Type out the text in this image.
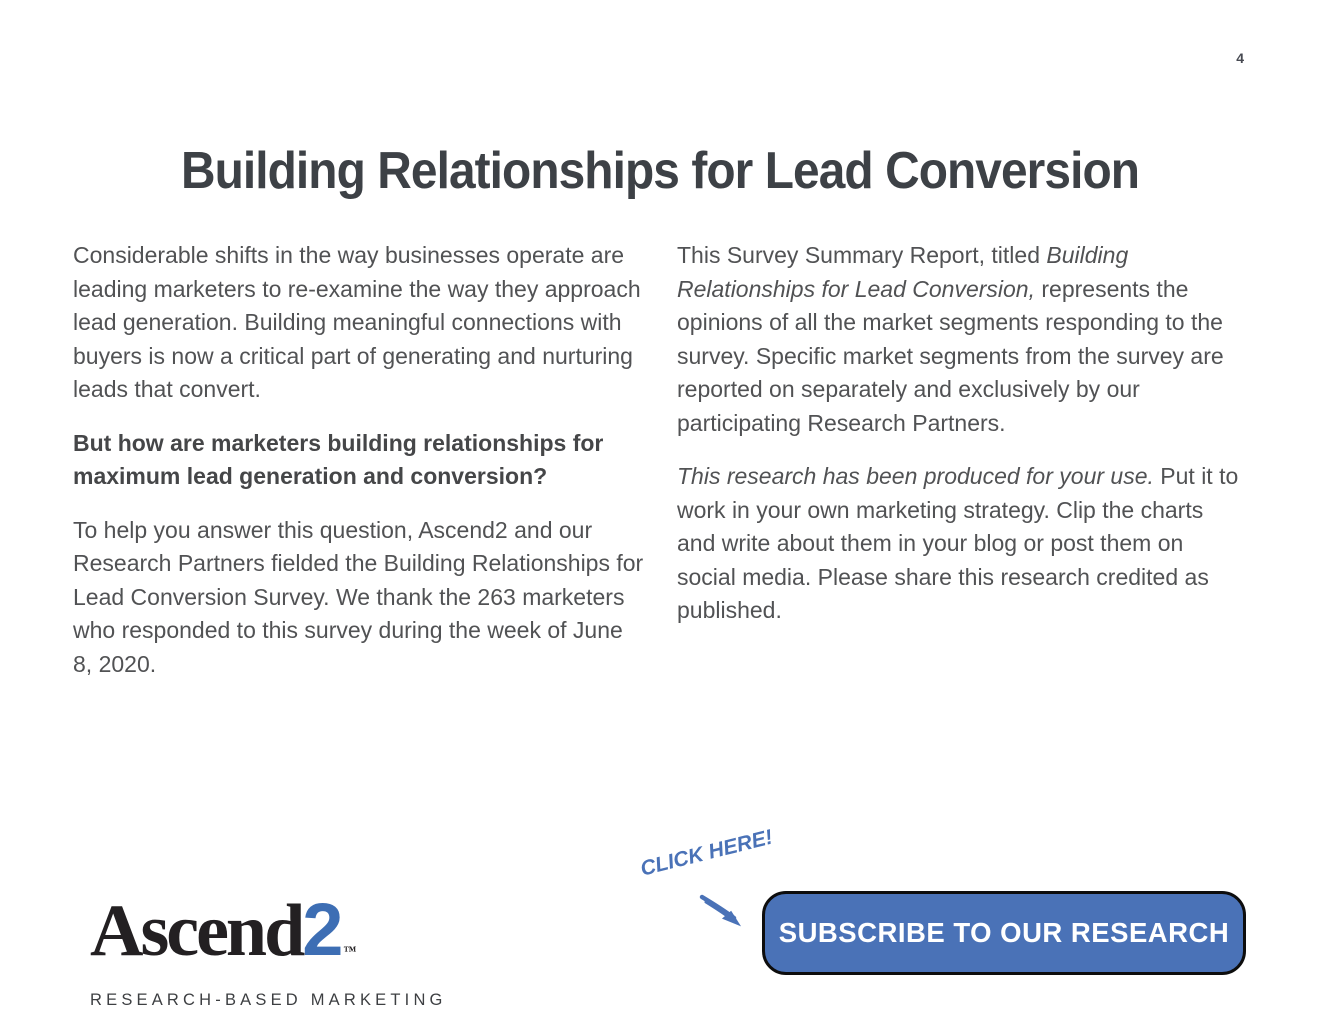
4
Building Relationships for Lead Conversion

Considerable shifts in the way businesses operate are leading marketers to re-examine the way they approach lead generation. Building meaningful connections with buyers is now a critical part of generating and nurturing leads that convert.

But how are marketers building relationships for maximum lead generation and conversion?

To help you answer this question, Ascend2 and our Research Partners fielded the Building Relationships for Lead Conversion Survey. We thank the 263 marketers who responded to this survey during the week of June 8, 2020.

This Survey Summary Report, titled Building Relationships for Lead Conversion, represents the opinions of all the market segments responding to the survey. Specific market segments from the survey are reported on separately and exclusively by our participating Research Partners.

This research has been produced for your use. Put it to work in your own marketing strategy. Clip the charts and write about them in your blog or post them on social media. Please share this research credited as published.

Ascend2™
RESEARCH-BASED MARKETING
CLICK HERE!
SUBSCRIBE TO OUR RESEARCH
